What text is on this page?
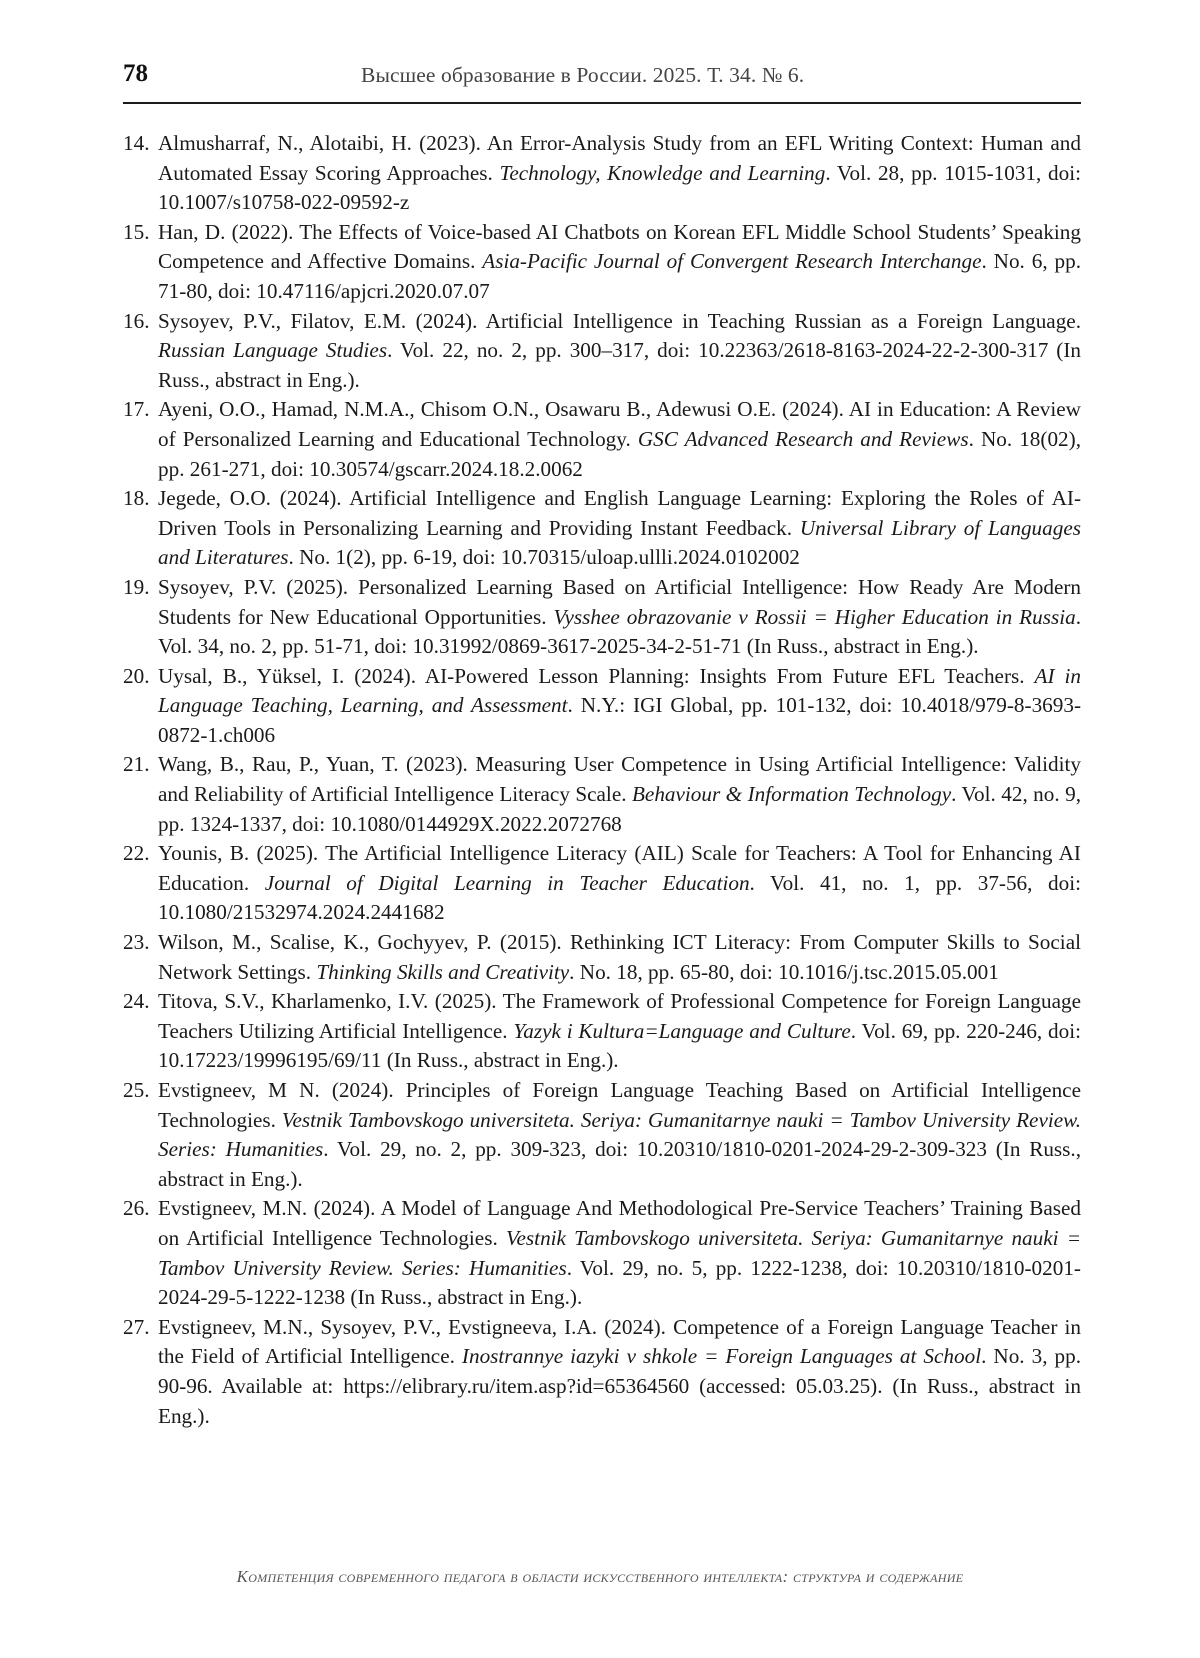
78	Высшее образование в России. 2025. Т. 34. № 6.
14. Almusharraf, N., Alotaibi, H. (2023). An Error-Analysis Study from an EFL Writing Context: Human and Automated Essay Scoring Approaches. Technology, Knowledge and Learning. Vol. 28, pp. 1015-1031, doi: 10.1007/s10758-022-09592-z
15. Han, D. (2022). The Effects of Voice-based AI Chatbots on Korean EFL Middle School Students’ Speaking Competence and Affective Domains. Asia-Pacific Journal of Convergent Research Interchange. No. 6, pp. 71-80, doi: 10.47116/apjcri.2020.07.07
16. Sysoyev, P.V., Filatov, E.M. (2024). Artificial Intelligence in Teaching Russian as a Foreign Language. Russian Language Studies. Vol. 22, no. 2, pp. 300–317, doi: 10.22363/2618-8163-2024-22-2-300-317 (In Russ., abstract in Eng.).
17. Ayeni, O.O., Hamad, N.M.A., Chisom O.N., Osawaru B., Adewusi O.E. (2024). AI in Education: A Review of Personalized Learning and Educational Technology. GSC Advanced Research and Reviews. No. 18(02), pp. 261-271, doi: 10.30574/gscarr.2024.18.2.0062
18. Jegede, O.O. (2024). Artificial Intelligence and English Language Learning: Exploring the Roles of AI-Driven Tools in Personalizing Learning and Providing Instant Feedback. Universal Library of Languages and Literatures. No. 1(2), pp. 6-19, doi: 10.70315/uloap.ullli.2024.0102002
19. Sysoyev, P.V. (2025). Personalized Learning Based on Artificial Intelligence: How Ready Are Modern Students for New Educational Opportunities. Vysshee obrazovanie v Rossii = Higher Education in Russia. Vol. 34, no. 2, pp. 51-71, doi: 10.31992/0869-3617-2025-34-2-51-71 (In Russ., abstract in Eng.).
20. Uysal, B., Yüksel, I. (2024). AI-Powered Lesson Planning: Insights From Future EFL Teachers. AI in Language Teaching, Learning, and Assessment. N.Y.: IGI Global, pp. 101-132, doi: 10.4018/979-8-3693-0872-1.ch006
21. Wang, B., Rau, P., Yuan, T. (2023). Measuring User Competence in Using Artificial Intelligence: Validity and Reliability of Artificial Intelligence Literacy Scale. Behaviour & Information Technology. Vol. 42, no. 9, pp. 1324-1337, doi: 10.1080/0144929X.2022.2072768
22. Younis, B. (2025). The Artificial Intelligence Literacy (AIL) Scale for Teachers: A Tool for Enhancing AI Education. Journal of Digital Learning in Teacher Education. Vol. 41, no. 1, pp. 37-56, doi: 10.1080/21532974.2024.2441682
23. Wilson, M., Scalise, K., Gochyyev, P. (2015). Rethinking ICT Literacy: From Computer Skills to Social Network Settings. Thinking Skills and Creativity. No. 18, pp. 65-80, doi: 10.1016/j.tsc.2015.05.001
24. Titova, S.V., Kharlamenko, I.V. (2025). The Framework of Professional Competence for Foreign Language Teachers Utilizing Artificial Intelligence. Yazyk i Kultura=Language and Culture. Vol. 69, pp. 220-246, doi: 10.17223/19996195/69/11 (In Russ., abstract in Eng.).
25. Evstigneev, M N. (2024). Principles of Foreign Language Teaching Based on Artificial Intelligence Technologies. Vestnik Tambovskogo universiteta. Seriya: Gumanitarnye nauki = Tambov University Review. Series: Humanities. Vol. 29, no. 2, pp. 309-323, doi: 10.20310/1810-0201-2024-29-2-309-323 (In Russ., abstract in Eng.).
26. Evstigneev, M.N. (2024). A Model of Language And Methodological Pre-Service Teachers’ Training Based on Artificial Intelligence Technologies. Vestnik Tambovskogo universiteta. Seriya: Gumanitarnye nauki = Tambov University Review. Series: Humanities. Vol. 29, no. 5, pp. 1222-1238, doi: 10.20310/1810-0201-2024-29-5-1222-1238 (In Russ., abstract in Eng.).
27. Evstigneev, M.N., Sysoyev, P.V., Evstigneeva, I.A. (2024). Competence of a Foreign Language Teacher in the Field of Artificial Intelligence. Inostrannye iazyki v shkole = Foreign Languages at School. No. 3, pp. 90-96. Available at: https://elibrary.ru/item.asp?id=65364560 (accessed: 05.03.25). (In Russ., abstract in Eng.).
Компетенция современного педагога в области искусственного интеллекта: структура и содержание
